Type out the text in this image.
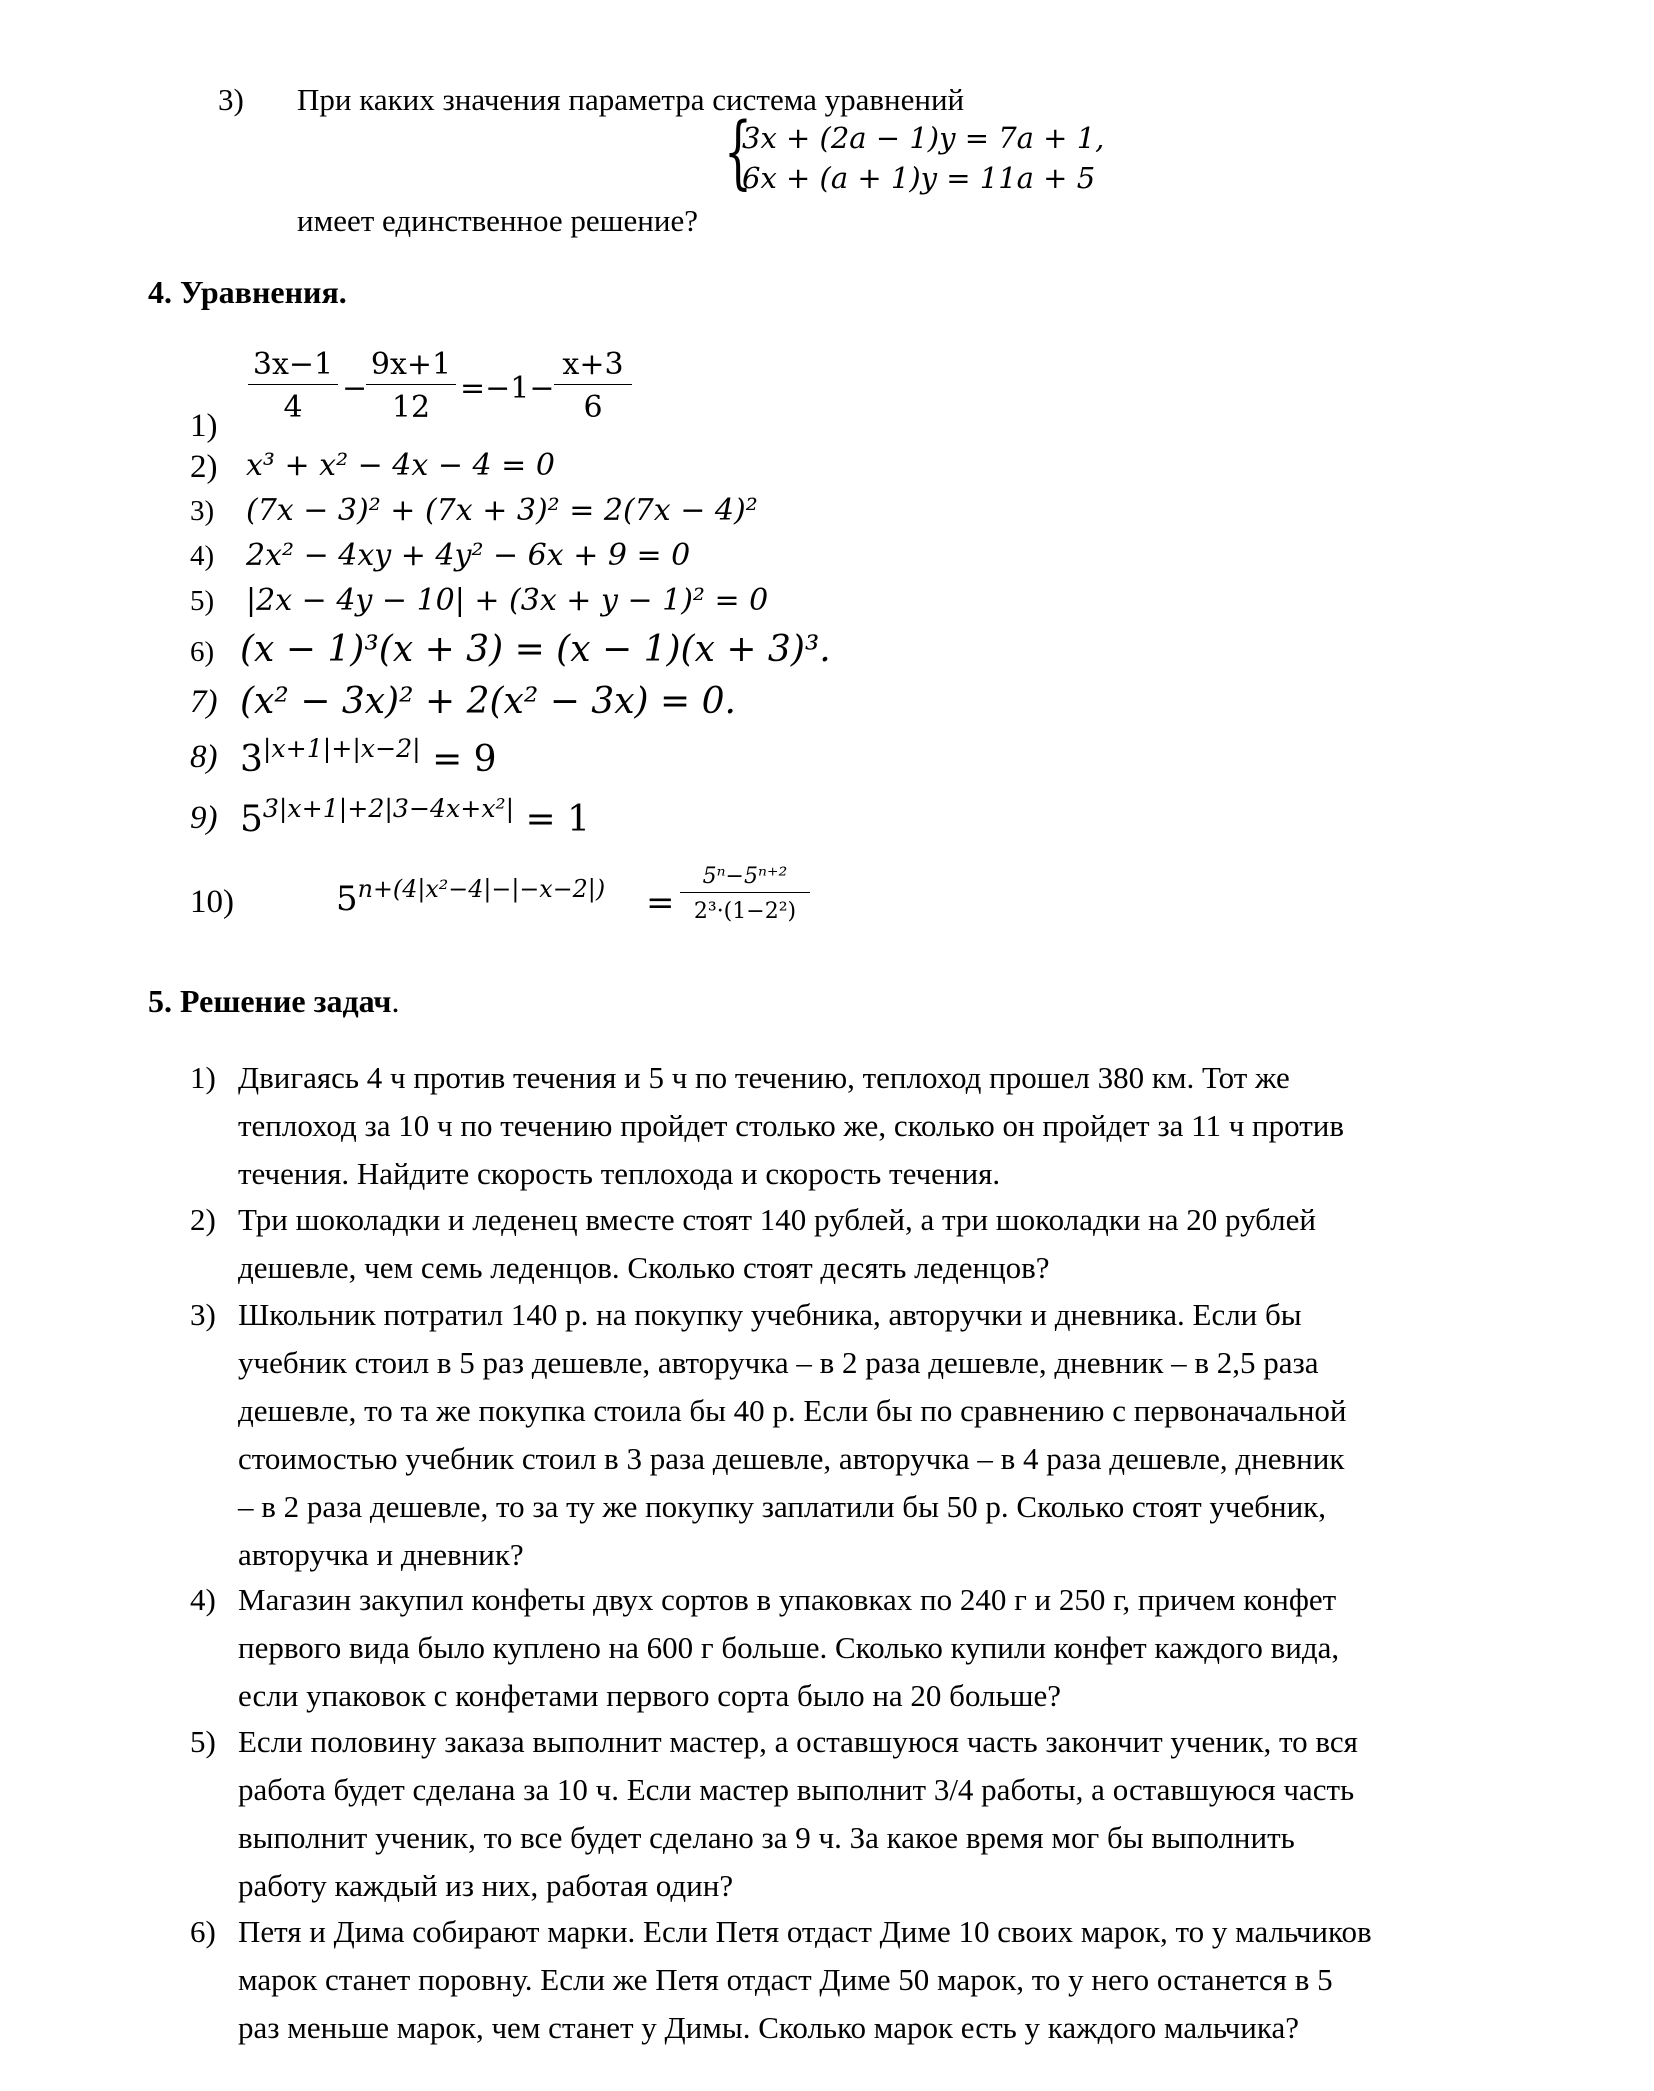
3) При каких значения параметра система уравнений
{
3x + (2a − 1)y = 7a + 1,
6x + (a + 1)y = 11a + 5
имеет единственное решение?
4. Уравнения.
$\frac{3x-1}{4}$ −
$\frac{9x+1}{12} =-1- \frac{x+3}{6}$
1)
2) x³ + x² − 4x − 4 = 0
3) (7x − 3)² + (7x + 3)² = 2(7x − 4)²
4) 2x² − 4xy + 4y² − 6x + 9 = 0
5) |2x − 4y − 10| + (3x + y − 1)² = 0
6) (x − 1)³(x + 3) = (x − 1)(x + 3)³.
7) (x² − 3x)² + 2(x² − 3x) = 0.
8) $3^{|x+1|+|x-2|} = 9$
9) $5^{3|x+1|+2|3-4x+x^2|} = 1$
10)	$5^{n+(4|x^2-4|-|-x-2|)} = \frac{\text{5ⁿ−5ⁿ⁺²}}{\text{2³·(1−2²)}}$
5. Решение задач.
1) Двигаясь 4 ч против течения и 5 ч по течению, теплоход прошел 380 км. Тот же
теплоход за 10 ч по течению пройдет столько же, сколько он пройдет за 11 ч против
течения. Найдите скорость теплохода и скорость течения.
2) Три шоколадки и леденец вместе стоят 140 рублей, а три шоколадки на 20 рублей
дешевле, чем семь леденцов. Сколько стоят десять леденцов?
3) Школьник потратил 140 р. на покупку учебника, авторучки и дневника. Если бы
учебник стоил в 5 раз дешевле, авторучка – в 2 раза дешевле, дневник – в 2,5 раза
дешевле, то та же покупка стоила бы 40 р. Если бы по сравнению с первоначальной
стоимостью учебник стоил в 3 раза дешевле, авторучка – в 4 раза дешевле, дневник
– в 2 раза дешевле, то за ту же покупку заплатили бы 50 р. Сколько стоят учебник,
авторучка и дневник?
4) Магазин закупил конфеты двух сортов в упаковках по 240 г и 250 г, причем конфет
первого вида было куплено на 600 г больше. Сколько купили конфет каждого вида,
если упаковок с конфетами первого сорта было на 20 больше?
5) Если половину заказа выполнит мастер, а оставшуюся часть закончит ученик, то вся
работа будет сделана за 10 ч. Если мастер выполнит 3/4 работы, а оставшуюся часть
выполнит ученик, то все будет сделано за 9 ч. За какое время мог бы выполнить
работу каждый из них, работая один?
6) Петя и Дима собирают марки. Если Петя отдаст Диме 10 своих марок, то у мальчиков
марок станет поровну. Если же Петя отдаст Диме 50 марок, то у него останется в 5
раз меньше марок, чем станет у Димы. Сколько марок есть у каждого мальчика?
